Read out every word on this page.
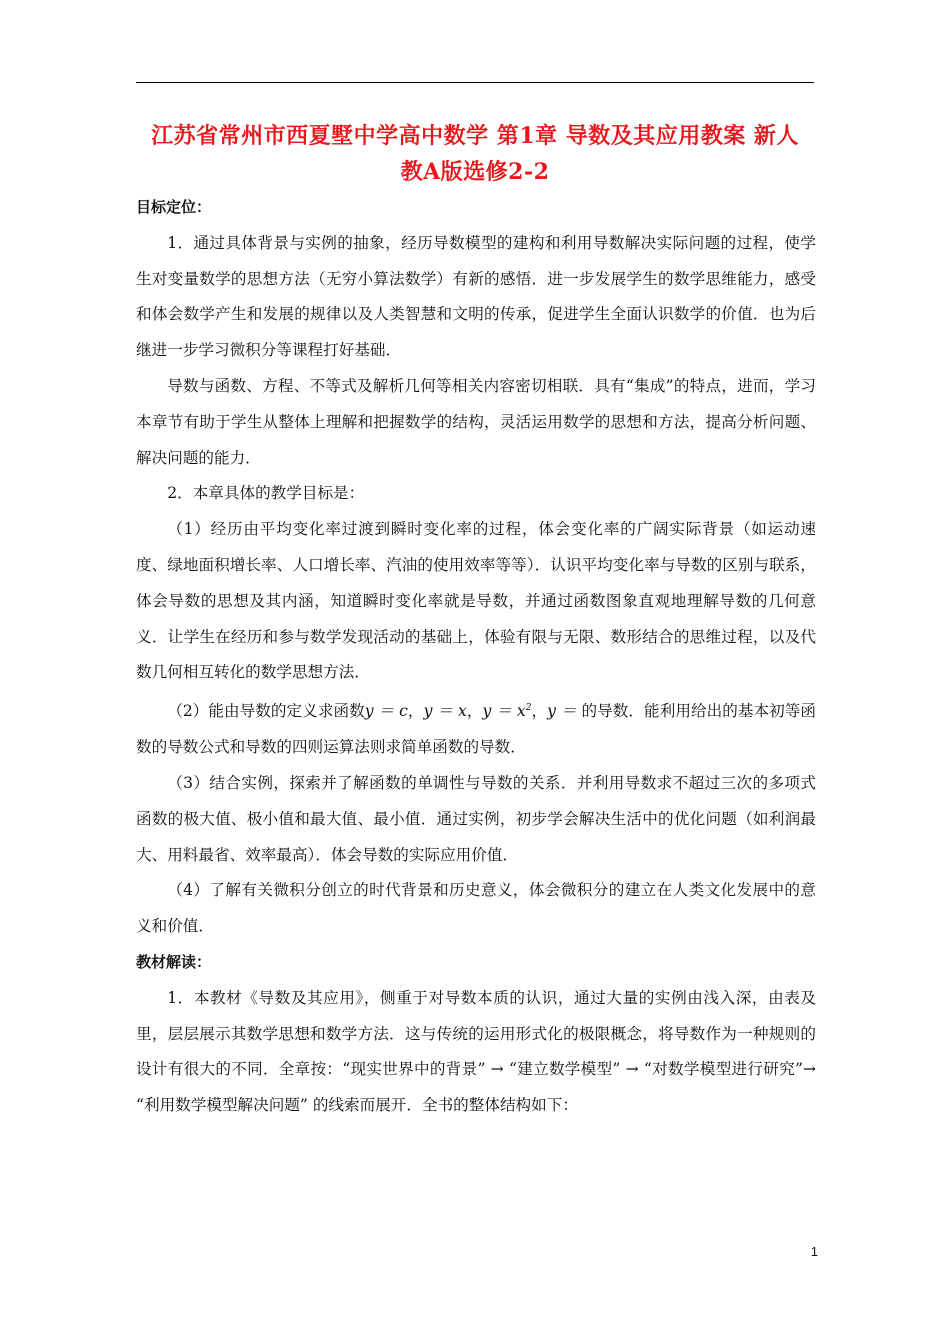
江苏省常州市西夏墅中学高中数学 第1章 导数及其应用教案 新人
教A版选修2-2

目标定位：

1．通过具体背景与实例的抽象，经历导数模型的建构和利用导数解决实际问题的过程，使学生对变量数学的思想方法（无穷小算法数学）有新的感悟．进一步发展学生的数学思维能力，感受和体会数学产生和发展的规律以及人类智慧和文明的传承，促进学生全面认识数学的价值．也为后继进一步学习微积分等课程打好基础．

导数与函数、方程、不等式及解析几何等相关内容密切相联．具有“集成”的特点，进而，学习本章节有助于学生从整体上理解和把握数学的结构，灵活运用数学的思想和方法，提高分析问题、解决问题的能力．

2．本章具体的教学目标是：

（1）经历由平均变化率过渡到瞬时变化率的过程，体会变化率的广阔实际背景（如运动速度、绿地面积增长率、人口增长率、汽油的使用效率等等）．认识平均变化率与导数的区别与联系，体会导数的思想及其内涵，知道瞬时变化率就是导数，并通过函数图象直观地理解导数的几何意义．让学生在经历和参与数学发现活动的基础上，体验有限与无限、数形结合的思维过程，以及代数几何相互转化的数学思想方法．

（2）能由导数的定义求函数y ＝ c，y ＝ x，$y = x^2$，y ＝ 的导数．能利用给出的基本初等函数的导数公式和导数的四则运算法则求简单函数的导数．

（3）结合实例，探索并了解函数的单调性与导数的关系．并利用导数求不超过三次的多项式函数的极大值、极小值和最大值、最小值．通过实例，初步学会解决生活中的优化问题（如利润最大、用料最省、效率最高）．体会导数的实际应用价值．

（4）了解有关微积分创立的时代背景和历史意义，体会微积分的建立在人类文化发展中的意义和价值．

教材解读：

1．本教材《导数及其应用》，侧重于对导数本质的认识，通过大量的实例由浅入深，由表及里，层层展示其数学思想和数学方法．这与传统的运用形式化的极限概念，将导数作为一种规则的设计有很大的不同．全章按：“现实世界中的背景” → “建立数学模型” → “对数学模型进行研究”→ “利用数学模型解决问题” 的线索而展开．全书的整体结构如下：

1
